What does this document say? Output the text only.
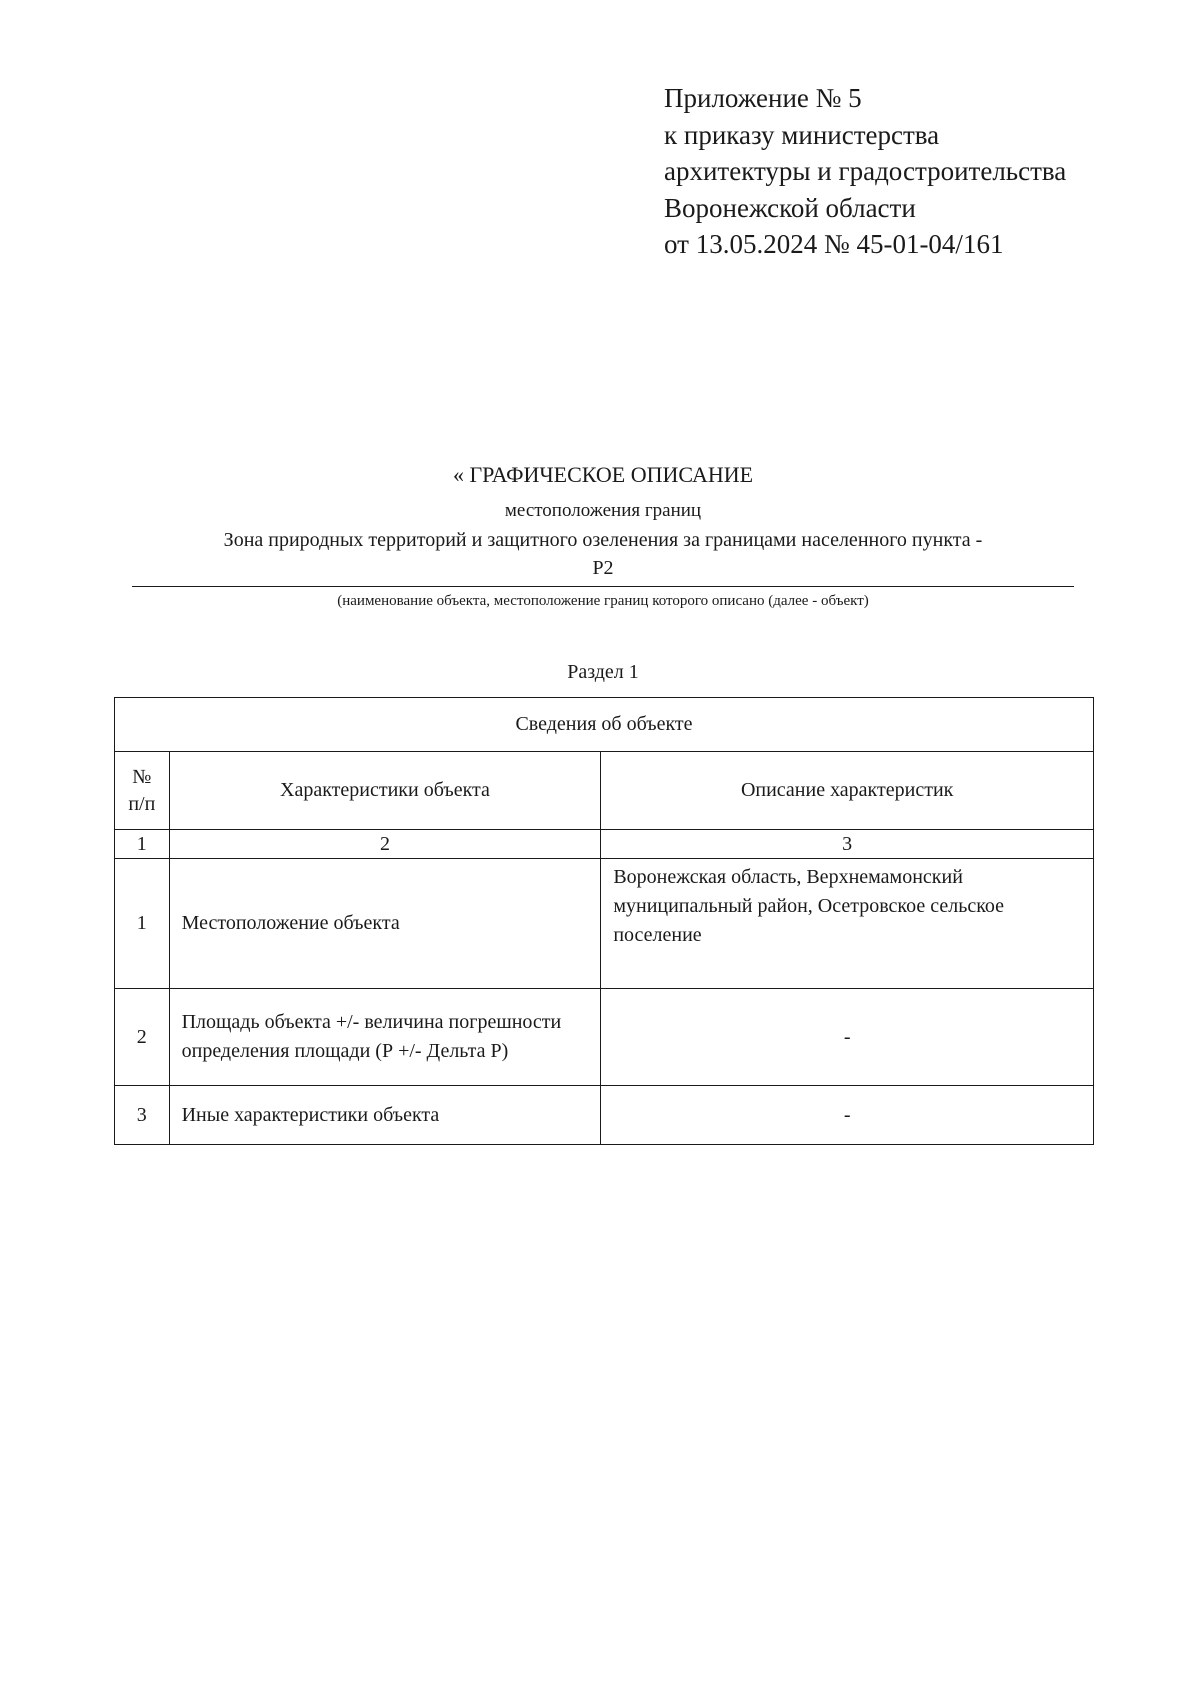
Приложение № 5
к приказу министерства
архитектуры и градостроительства
Воронежской области
от 13.05.2024 № 45-01-04/161
« ГРАФИЧЕСКОЕ ОПИСАНИЕ
местоположения границ
Зона природных территорий и защитного озеленения за границами населенного пункта -
Р2
(наименование объекта, местоположение границ которого описано (далее - объект)
Раздел 1
Сведения об объекте		

№
п/п	Характеристики объекта	Описание характеристик
1	2	3
1	Местоположение объекта	Воронежская область, Верхнемамонский муниципальный район, Осетровское сельское поселение
2	Площадь объекта +/- величина погрешности определения площади (Р +/- Дельта Р)	-
3	Иные характеристики объекта	-
